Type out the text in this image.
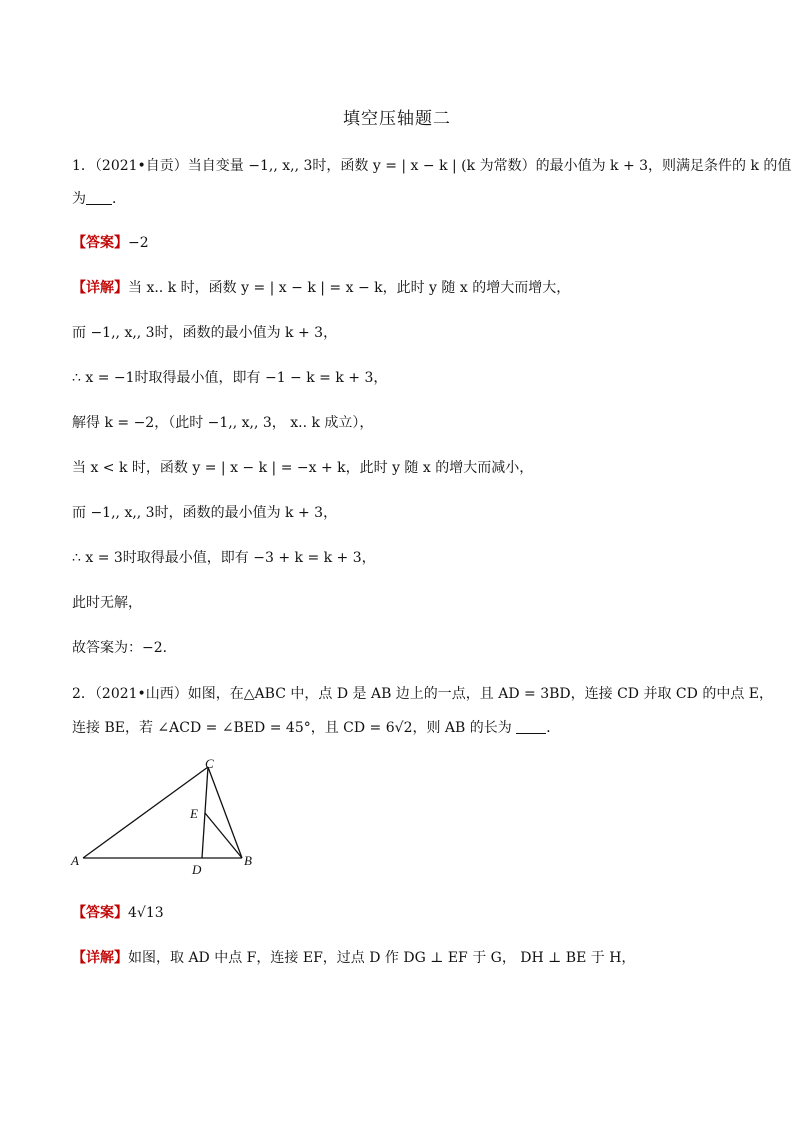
填空压轴题二
1．（2021•自贡）当自变量 −1,, x,, 3时，函数 y = | x − k | (k 为常数）的最小值为 k + 3，则满足条件的 k 的值
为 ．
【答案】−2
【详解】当 x.. k 时，函数 y = | x − k | = x − k，此时 y 随 x 的增大而增大，
而 −1,, x,, 3时，函数的最小值为 k + 3，
∴ x = −1时取得最小值，即有 −1 − k = k + 3，
解得 k = −2，（此时 −1,, x,, 3， x.. k 成立），
当 x < k 时，函数 y = | x − k | = −x + k，此时 y 随 x 的增大而减小，
而 −1,, x,, 3时，函数的最小值为 k + 3，
∴ x = 3时取得最小值，即有 −3 + k = k + 3，
此时无解，
故答案为：−2．
2．（2021•山西）如图，在△ABC 中，点 D 是 AB 边上的一点，且 AD = 3BD，连接 CD 并取 CD 的中点 E，
连接 BE，若 ∠ACD = ∠BED = 45°，且 CD = 6√2，则 AB 的长为 ．
A	B
C
D
E
【答案】4√13
【详解】如图，取 AD 中点 F，连接 EF，过点 D 作 DG ⊥ EF 于 G， DH ⊥ BE 于 H，
